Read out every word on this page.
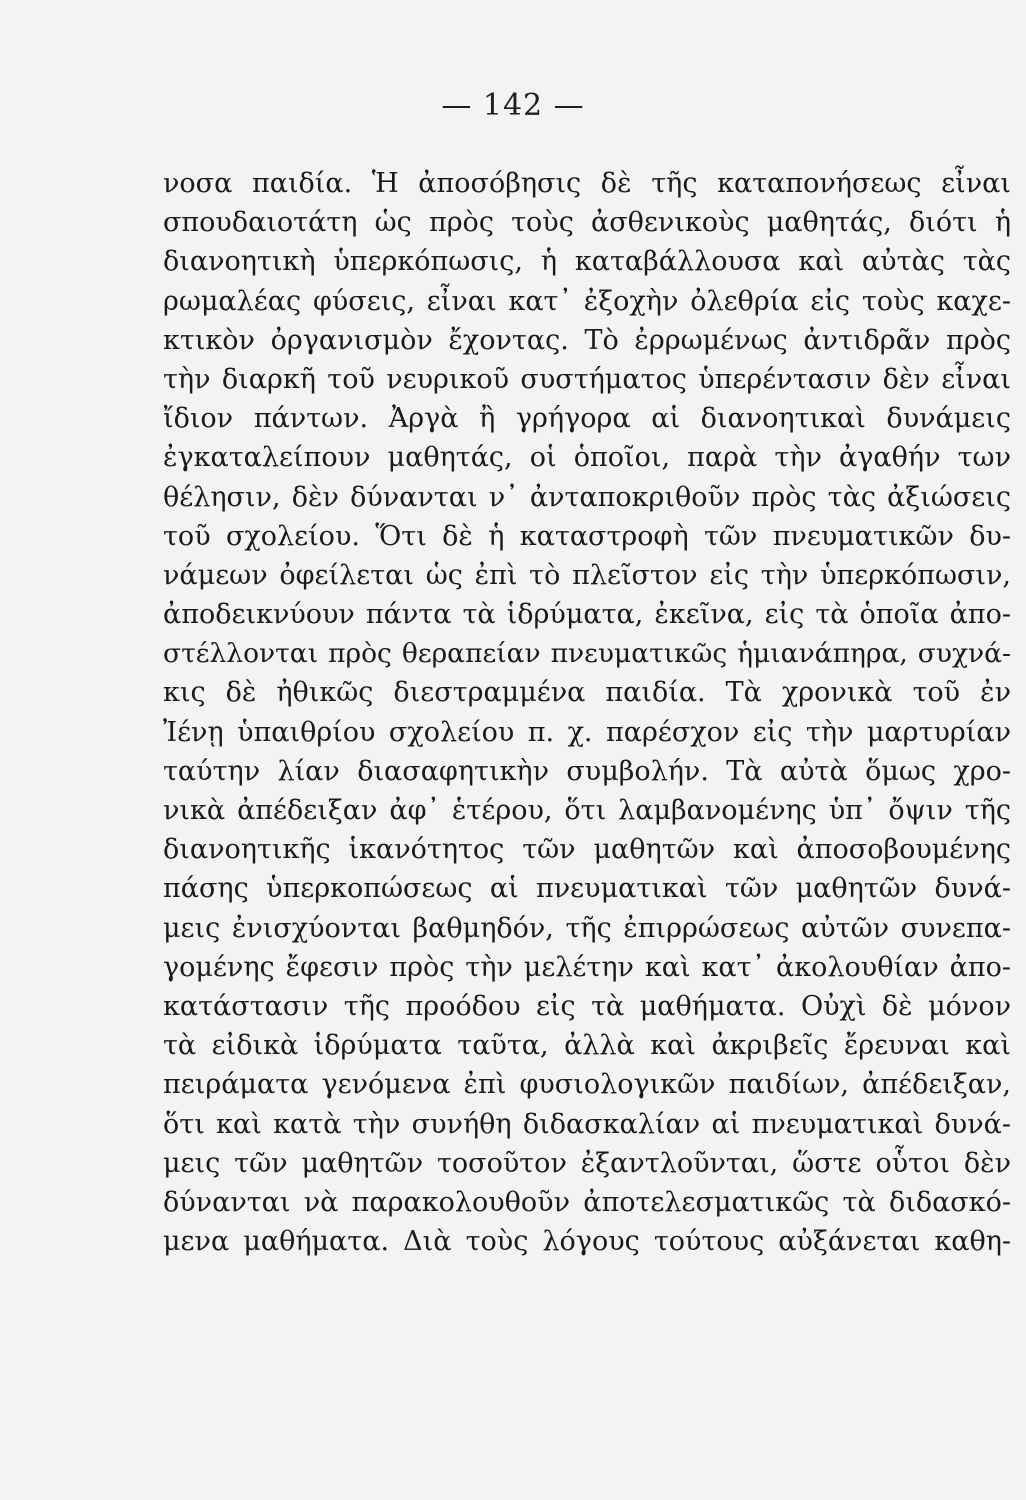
— 142 —
νοσα παιδία. Ἡ ἀποσόβησις δὲ τῆς καταπονήσεως εἶναι
σπουδαιοτάτη ὡς πρὸς τοὺς ἀσθενικοὺς μαθητάς, διότι ἡ
διανοητικὴ ὑπερκόπωσις, ἡ καταβάλλουσα καὶ αὐτὰς τὰς
ρωμαλέας φύσεις, εἶναι κατ᾽ ἐξοχὴν ὀλεθρία εἰς τοὺς καχε-
κτικὸν ὀργανισμὸν ἔχοντας. Τὸ ἐρρωμένως ἀντιδρᾶν πρὸς
τὴν διαρκῆ τοῦ νευρικοῦ συστήματος ὑπερέντασιν δὲν εἶναι
ἴδιον πάντων. Ἀργὰ ἢ γρήγορα αἱ διανοητικαὶ δυνάμεις
ἐγκαταλείπουν μαθητάς, οἱ ὁποῖοι, παρὰ τὴν ἀγαθήν των
θέλησιν, δὲν δύνανται ν᾽ ἀνταποκριθοῦν πρὸς τὰς ἀξιώσεις
τοῦ σχολείου. Ὅτι δὲ ἡ καταστροφὴ τῶν πνευματικῶν δυ-
νάμεων ὀφείλεται ὡς ἐπὶ τὸ πλεῖστον εἰς τὴν ὑπερκόπωσιν,
ἀποδεικνύουν πάντα τὰ ἱδρύματα, ἐκεῖνα, εἰς τὰ ὁποῖα ἀπο-
στέλλονται πρὸς θεραπείαν πνευματικῶς ἡμιανάπηρα, συχνά-
κις δὲ ἠθικῶς διεστραμμένα παιδία. Τὰ χρονικὰ τοῦ ἐν
Ἰένῃ ὑπαιθρίου σχολείου π. χ. παρέσχον εἰς τὴν μαρτυρίαν
ταύτην λίαν διασαφητικὴν συμβολήν. Τὰ αὐτὰ ὅμως χρο-
νικὰ ἀπέδειξαν ἀφ᾽ ἑτέρου, ὅτι λαμβανομένης ὑπ᾽ ὄψιν τῆς
διανοητικῆς ἱκανότητος τῶν μαθητῶν καὶ ἀποσοβουμένης
πάσης ὑπερκοπώσεως αἱ πνευματικαὶ τῶν μαθητῶν δυνά-
μεις ἐνισχύονται βαθμηδόν, τῆς ἐπιρρώσεως αὐτῶν συνεπα-
γομένης ἔφεσιν πρὸς τὴν μελέτην καὶ κατ᾽ ἀκολουθίαν ἀπο-
κατάστασιν τῆς προόδου εἰς τὰ μαθήματα. Οὐχὶ δὲ μόνον
τὰ εἰδικὰ ἱδρύματα ταῦτα, ἀλλὰ καὶ ἀκριβεῖς ἔρευναι καὶ
πειράματα γενόμενα ἐπὶ φυσιολογικῶν παιδίων, ἀπέδειξαν,
ὅτι καὶ κατὰ τὴν συνήθη διδασκαλίαν αἱ πνευματικαὶ δυνά-
μεις τῶν μαθητῶν τοσοῦτον ἐξαντλοῦνται, ὥστε οὗτοι δὲν
δύνανται νὰ παρακολουθοῦν ἀποτελεσματικῶς τὰ διδασκό-
μενα μαθήματα. Διὰ τοὺς λόγους τούτους αὐξάνεται καθη-
